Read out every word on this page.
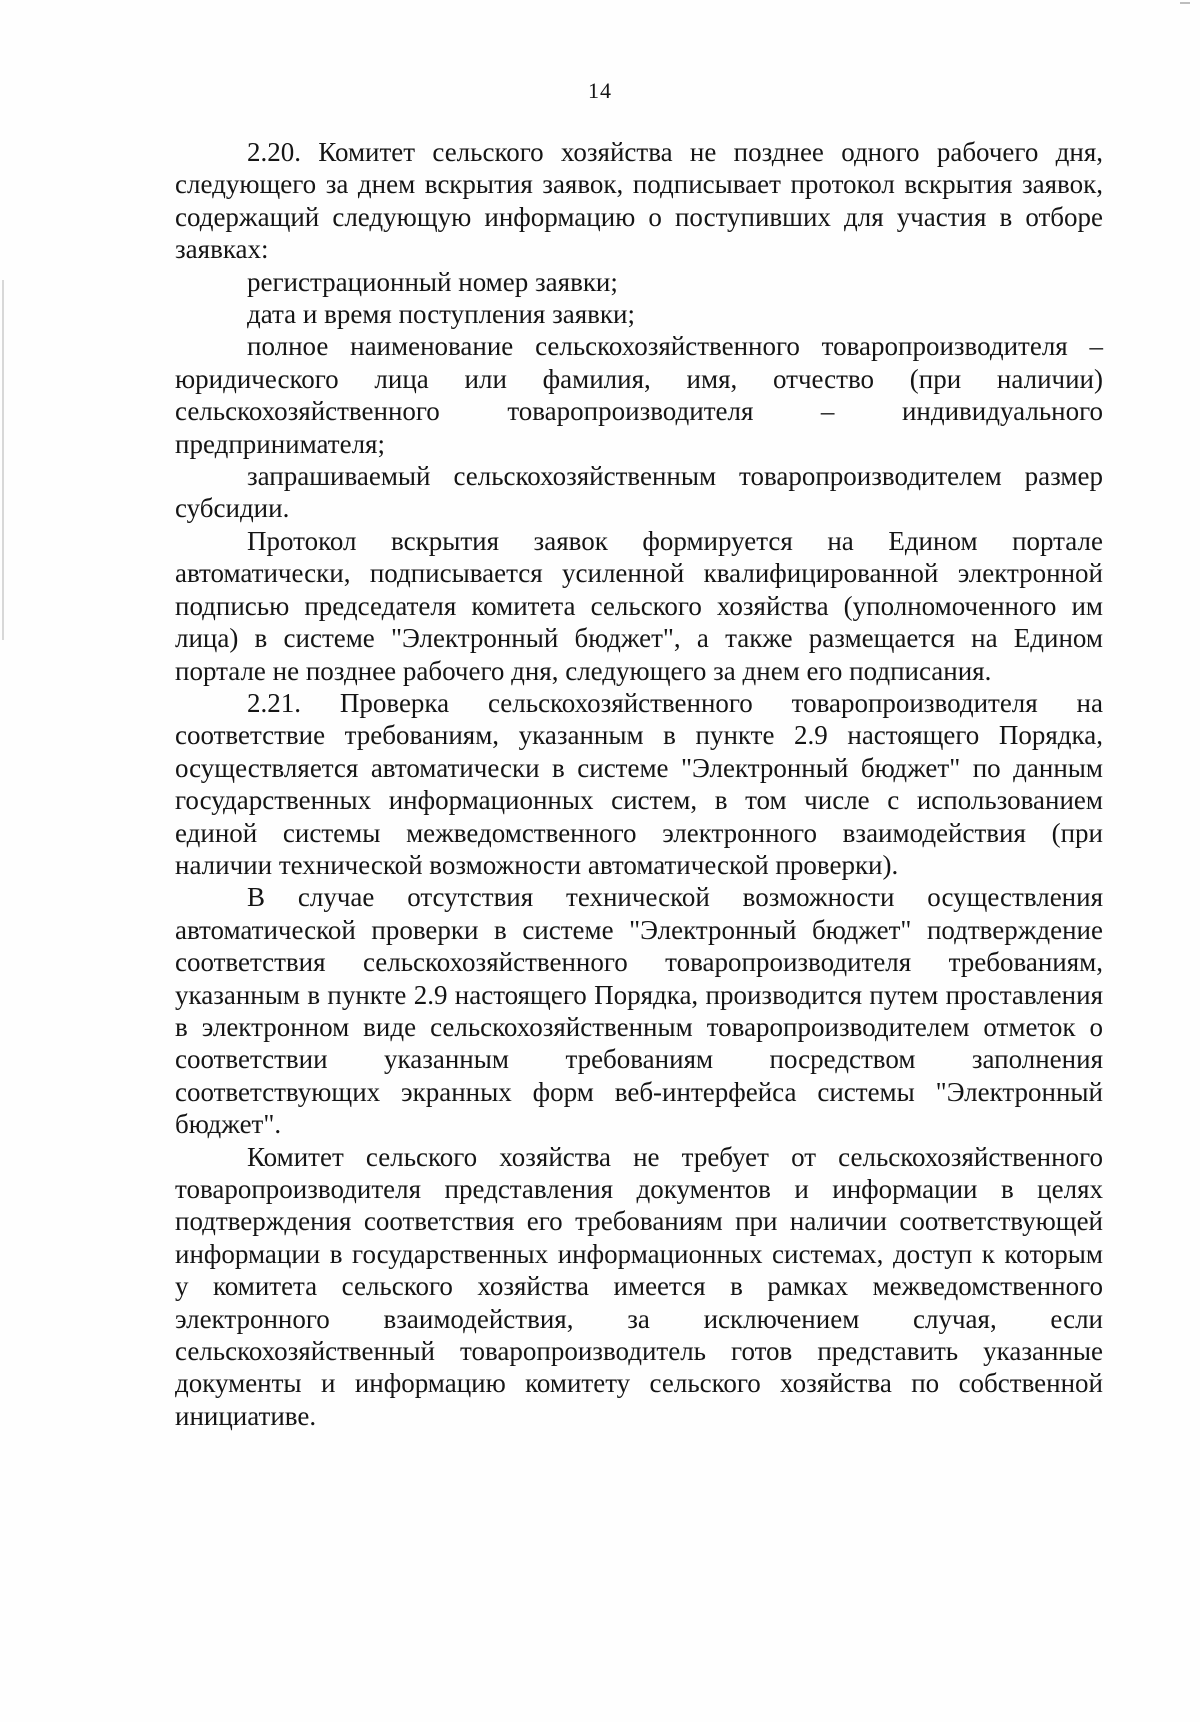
14

2.20. Комитет сельского хозяйства не позднее одного рабочего дня, следующего за днем вскрытия заявок, подписывает протокол вскрытия заявок, содержащий следующую информацию о поступивших для участия в отборе заявках:

регистрационный номер заявки;

дата и время поступления заявки;

полное наименование сельскохозяйственного товаропроизводителя – юридического лица или фамилия, имя, отчество (при наличии) сельскохозяйственного товаропроизводителя – индивидуального предпринимателя;

запрашиваемый сельскохозяйственным товаропроизводителем размер субсидии.

Протокол вскрытия заявок формируется на Едином портале автоматически, подписывается усиленной квалифицированной электронной подписью председателя комитета сельского хозяйства (уполномоченного им лица) в системе "Электронный бюджет", а также размещается на Едином портале не позднее рабочего дня, следующего за днем его подписания.

2.21. Проверка сельскохозяйственного товаропроизводителя на соответствие требованиям, указанным в пункте 2.9 настоящего Порядка, осуществляется автоматически в системе "Электронный бюджет" по данным государственных информационных систем, в том числе с использованием единой системы межведомственного электронного взаимодействия (при наличии технической возможности автоматической проверки).

В случае отсутствия технической возможности осуществления автоматической проверки в системе "Электронный бюджет" подтверждение соответствия сельскохозяйственного товаропроизводителя требованиям, указанным в пункте 2.9 настоящего Порядка, производится путем проставления в электронном виде сельскохозяйственным товаропроизводителем отметок о соответствии указанным требованиям посредством заполнения соответствующих экранных форм веб-интерфейса системы "Электронный бюджет".

Комитет сельского хозяйства не требует от сельскохозяйственного товаропроизводителя представления документов и информации в целях подтверждения соответствия его требованиям при наличии соответствующей информации в государственных информационных системах, доступ к которым у комитета сельского хозяйства имеется в рамках межведомственного электронного взаимодействия, за исключением случая, если сельскохозяйственный товаропроизводитель готов представить указанные документы и информацию комитету сельского хозяйства по собственной инициативе.
